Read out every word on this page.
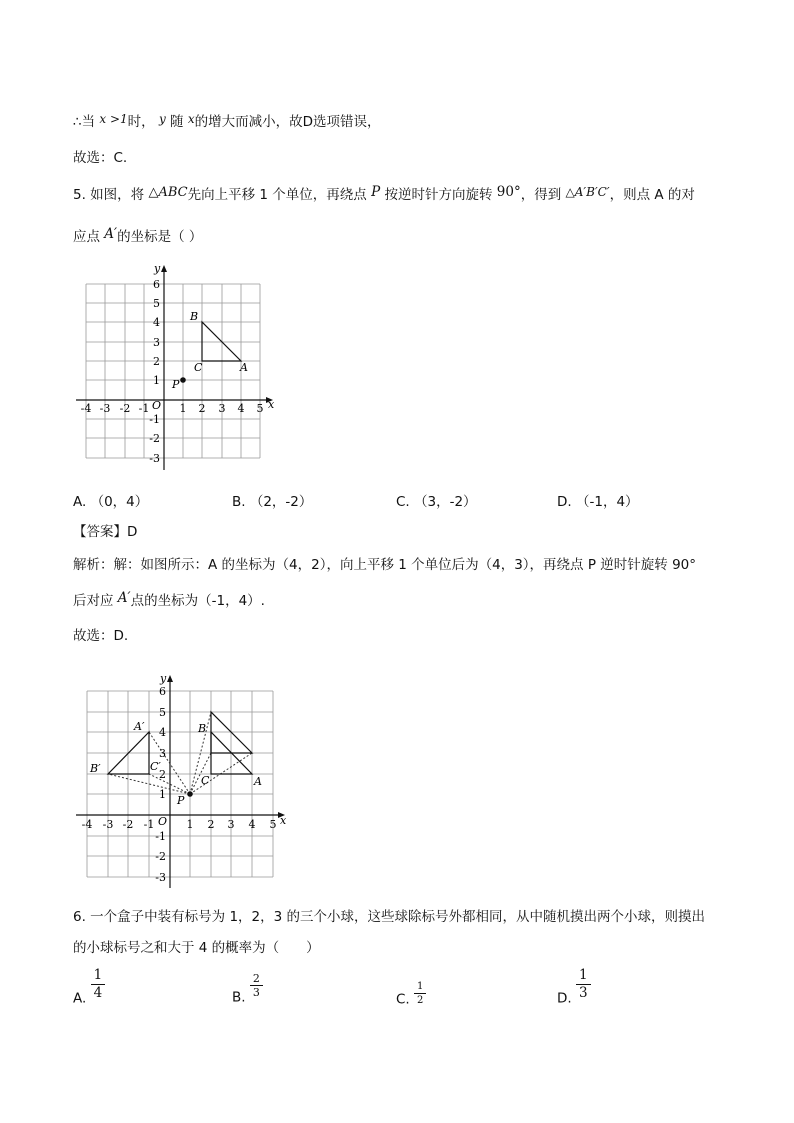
∴当 x >1时， y 随 x的增大而减小，故D选项错误，
故选：C.
5. 如图，将 △ABC先向上平移 1 个单位，再绕点 P 按逆时针方向旋转 90°，得到 △A′B′C′，则点 A 的对
应点 A′的坐标是（ ）
x
y
O
-4 -3 -2 -1	1 2 3 4 5
6
5
4
3
2
1
-1
-2
-3
B
C	A
P
A. （0，4）	B. （2，-2）	C. （3，-2）	D. （-1，4）
【答案】D
解析：解：如图所示：A 的坐标为（4，2），向上平移 1 个单位后为（4，3），再绕点 P 逆时针旋转 90°
后对应 A′点的坐标为（-1，4）.
故选：D.
x
y
O
-4 -3 -2 -1	1 2 3 4 5
6
5
4
3
2
1
-1
-2
-3
A′
B′	C′
B
C	A
P
6. 一个盒子中装有标号为 1，2，3 的三个小球，这些球除标号外都相同，从中随机摸出两个小球，则摸出
的小球标号之和大于 4 的概率为（　　）
A. $\frac{1}{4}$	B. $\frac{2}{3}$
C. $\frac{1}{2}$	D. $\frac{1}{3}$
